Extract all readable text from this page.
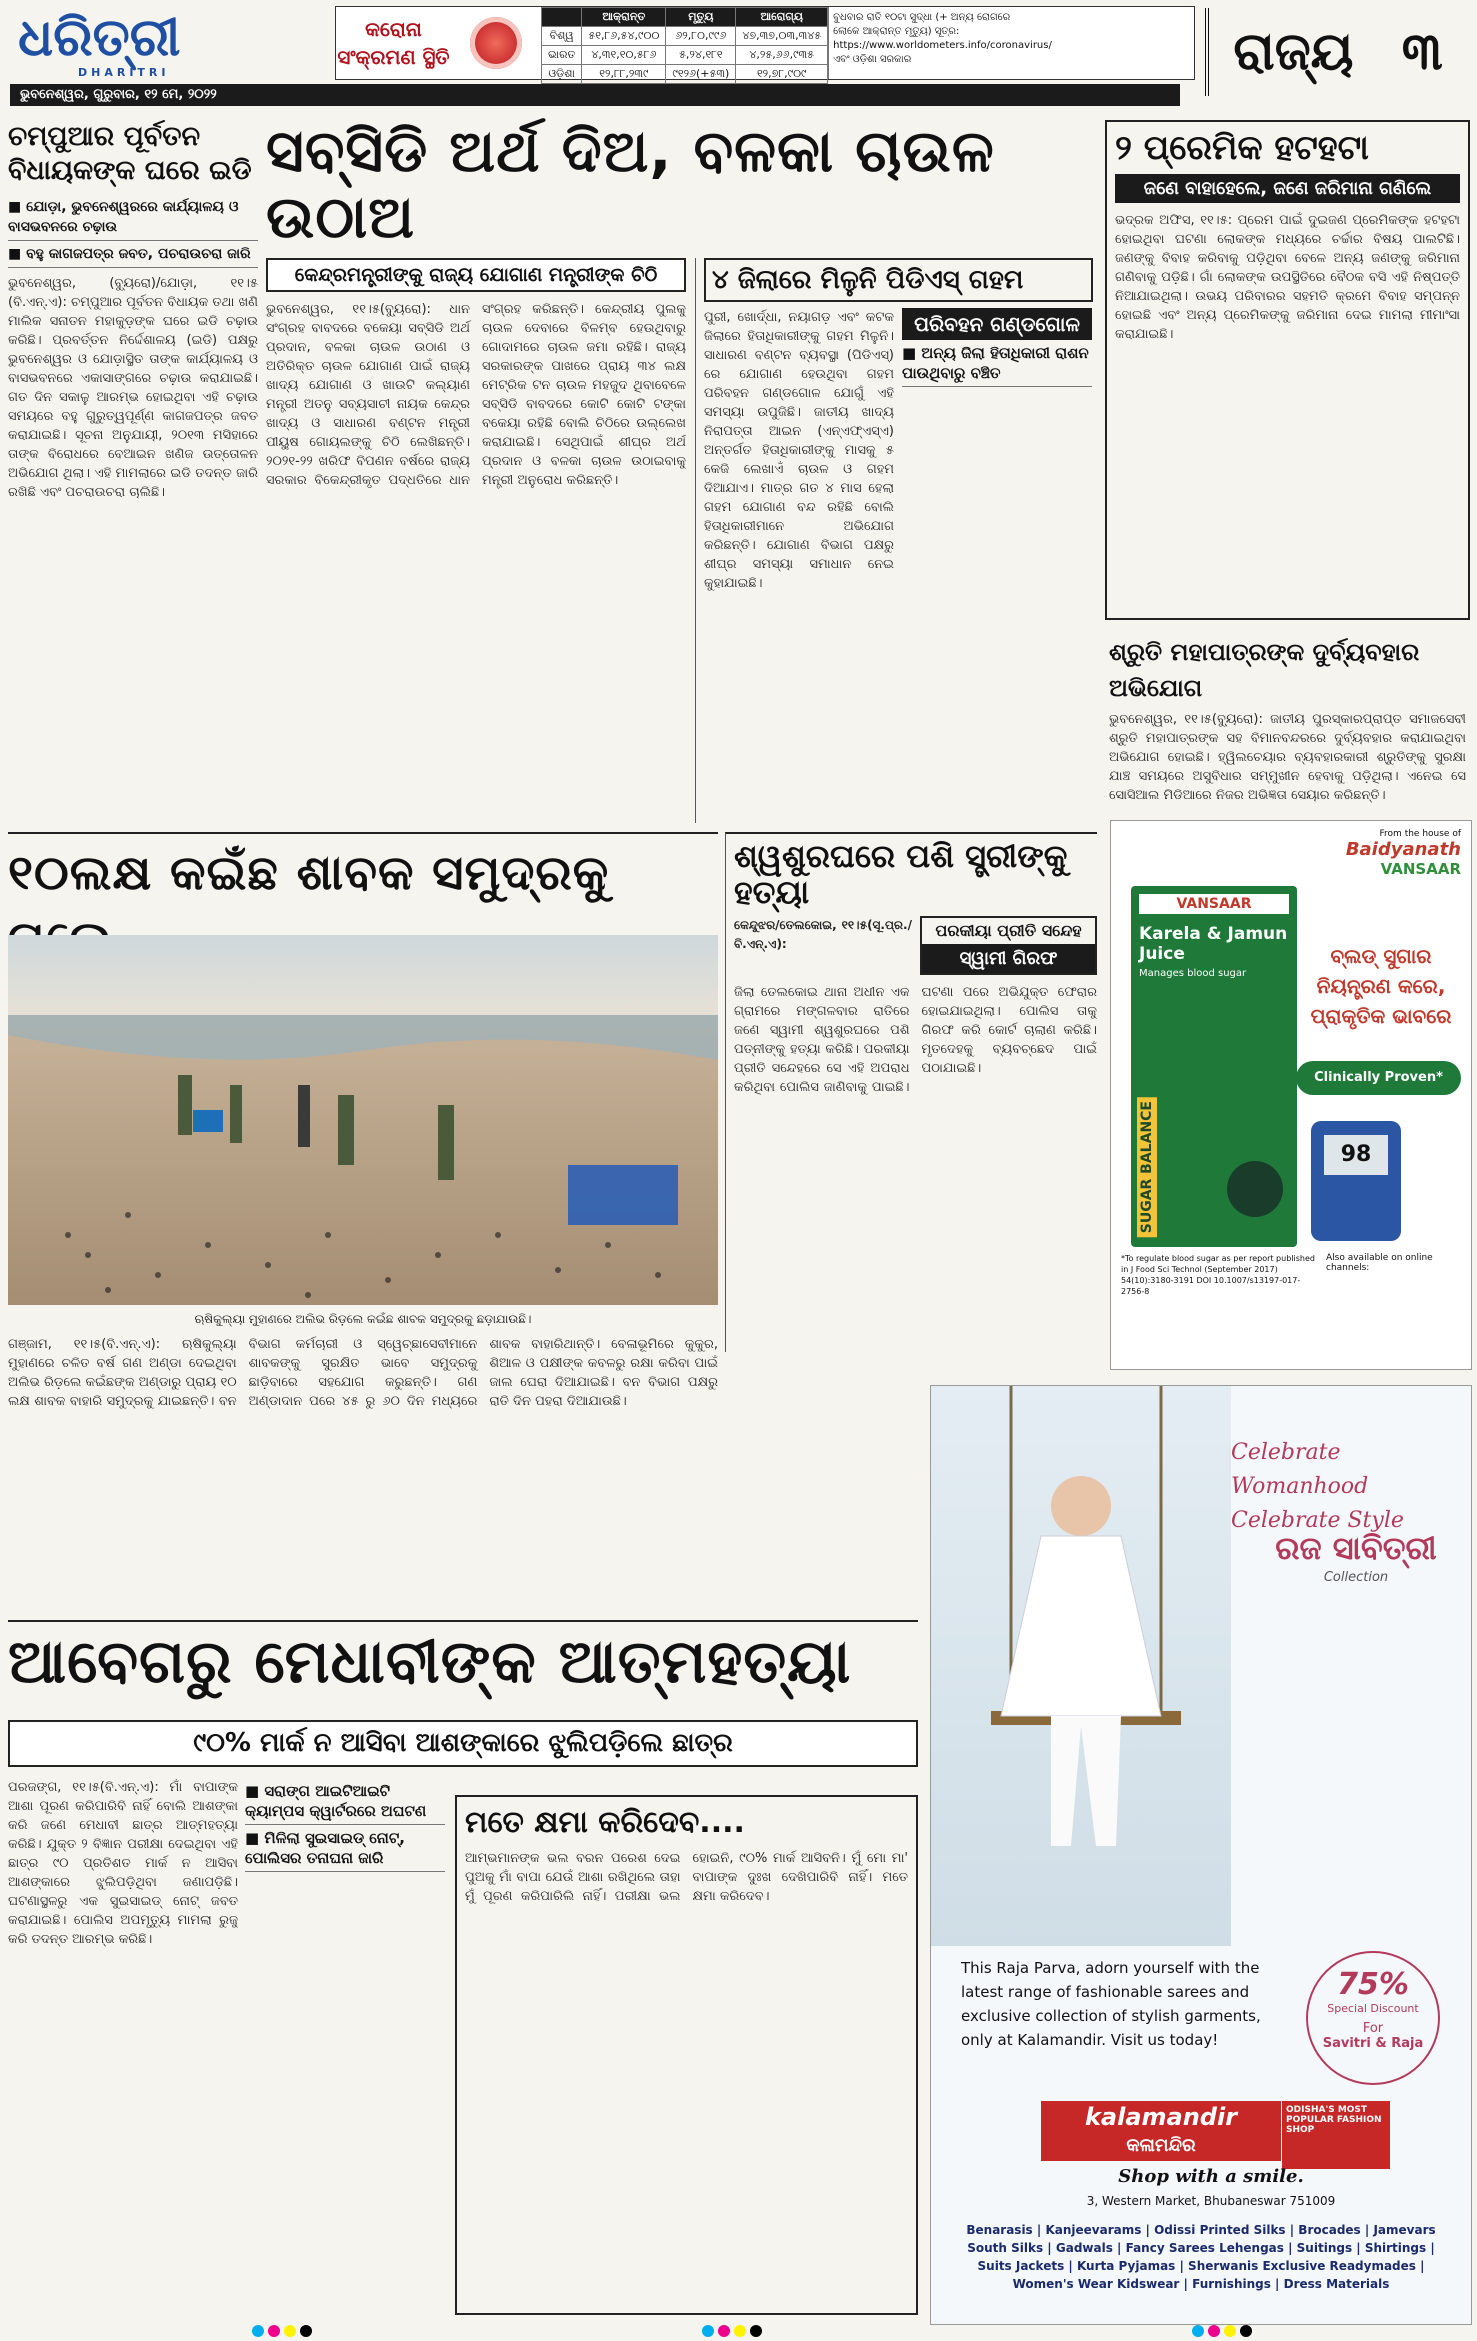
ଧରିତ୍ରୀ
DHARITRI
କରୋନା ସଂକ୍ରମଣ ସ୍ଥିତି
	ଆକ୍ରାନ୍ତ	ମୃତ୍ୟୁ	ଆରୋଗ୍ୟ
ବିଶ୍ୱ	୫୧,୮୬,୫୪,୯୦୦	୬୨,୮୦,୯୯୬	୪୭,୩୭,୦୩,୩୪୫
ଭାରତ	୪,୩୧,୧୦,୫୮୬	୫,୨୪,୧୮୧	୪,୨୫,୬୬,୯୩୫
ଓଡ଼ିଶା	୧୨,୮୮,୨୩୯	୯୧୨୬(+୫୩)	୧୨,୭୮,୯୦୯
ବୁଧବାର ରାତି ୧୦ଟା ସୁଦ୍ଧା (+ ଅନ୍ୟ ରୋଗରେ ଲୋକେ ଆକ୍ରାନ୍ତ ମୃତ୍ୟୁ) ସୂତ୍ର: https://www.worldometers.info/coronavirus/ ଏବଂ ଓଡ଼ିଶା ସରକାର	ରାଜ୍ୟ ୩
ଭୁବନେଶ୍ୱର, ଗୁରୁବାର, ୧୨ ମେ, ୨୦୨୨
ଚମ୍ପୁଆର ପୂର୍ବତନ ବିଧାୟକଙ୍କ ଘରେ ଇଡି
■ ଯୋଡ଼ା, ଭୁବନେଶ୍ୱରରେ କାର୍ଯ୍ୟାଳୟ ଓ ବାସଭବନରେ ଚଢ଼ାଉ
■ ବହୁ କାଗଜପତ୍ର ଜବତ, ପଚରାଉଚରା ଜାରି
ଭୁବନେଶ୍ୱର, (ବ୍ୟୁରୋ)/ଯୋଡ଼ା, ୧୧।୫ (ବି.ଏନ୍.ଏ): ଚମ୍ପୁଆର ପୂର୍ବତନ ବିଧାୟକ ତଥା ଖଣି ମାଲିକ ସନାତନ ମହାକୁଡ଼ଙ୍କ ଘରେ ଇଡି ଚଢ଼ାଉ କରିଛି। ପ୍ରବର୍ତ୍ତନ ନିର୍ଦ୍ଦେଶାଳୟ (ଇଡି) ପକ୍ଷରୁ ଭୁବନେଶ୍ୱର ଓ ଯୋଡ଼ାସ୍ଥିତ ତାଙ୍କ କାର୍ଯ୍ୟାଳୟ ଓ ବାସଭବନରେ ଏକାସାଙ୍ଗରେ ଚଢ଼ାଉ କରାଯାଇଛି। ଗତ ଦିନ ସକାଳୁ ଆରମ୍ଭ ହୋଇଥିବା ଏହି ଚଢ଼ାଉ ସମୟରେ ବହୁ ଗୁରୁତ୍ୱପୂର୍ଣ୍ଣ କାଗଜପତ୍ର ଜବତ କରାଯାଇଛି। ସୂଚନା ଅନୁଯାୟୀ, ୨୦୧୩ ମସିହାରେ ତାଙ୍କ ବିରୋଧରେ ବେଆଇନ ଖଣିଜ ଉତ୍ତୋଳନ ଅଭିଯୋଗ ଥିଲା। ଏହି ମାମଲାରେ ଇଡି ତଦନ୍ତ ଜାରି ରଖିଛି ଏବଂ ପଚରାଉଚରା ଚାଲିଛି।
ସବ୍‌ସିଡି ଅର୍ଥ ଦିଅ, ବଳକା ଚାଉଳ ଉଠାଅ
କେନ୍ଦ୍ରମନ୍ତ୍ରୀଙ୍କୁ ରାଜ୍ୟ ଯୋଗାଣ ମନ୍ତ୍ରୀଙ୍କ ଚିଠି
ଭୁବନେଶ୍ୱର, ୧୧।୫(ବ୍ୟୁରୋ): ଧାନ ସଂଗ୍ରହ ବାବଦରେ ବକେୟା ସବ୍‌ସିଡି ଅର୍ଥ ପ୍ରଦାନ, ବଳକା ଚାଉଳ ଉଠାଣ ଓ ଅତିରିକ୍ତ ଚାଉଳ ଯୋଗାଣ ପାଇଁ ରାଜ୍ୟ ଖାଦ୍ୟ ଯୋଗାଣ ଓ ଖାଉଟି କଲ୍ୟାଣ ମନ୍ତ୍ରୀ ଅତନୁ ସବ୍ୟସାଚୀ ନାୟକ କେନ୍ଦ୍ର ଖାଦ୍ୟ ଓ ସାଧାରଣ ବଣ୍ଟନ ମନ୍ତ୍ରୀ ପୀୟୁଷ ଗୋୟଲଙ୍କୁ ଚିଠି ଲେଖିଛନ୍ତି। ୨୦୨୧-୨୨ ଖରିଫ ବିପଣନ ବର୍ଷରେ ରାଜ୍ୟ ସରକାର ବିକେନ୍ଦ୍ରୀକୃତ ପଦ୍ଧତିରେ ଧାନ ସଂଗ୍ରହ କରିଛନ୍ତି। କେନ୍ଦ୍ରୀୟ ପୁଲକୁ ଚାଉଳ ଦେବାରେ ବିଳମ୍ବ ହେଉଥିବାରୁ ଗୋଦାମରେ ଚାଉଳ ଜମା ରହିଛି। ରାଜ୍ୟ ସରକାରଙ୍କ ପାଖରେ ପ୍ରାୟ ୩୪ ଲକ୍ଷ ମେଟ୍ରିକ ଟନ ଚାଉଳ ମହଜୁଦ ଥିବାବେଳେ ସବ୍‌ସିଡି ବାବଦରେ କୋଟି କୋଟି ଟଙ୍କା ବକେୟା ରହିଛି ବୋଲି ଚିଠିରେ ଉଲ୍ଲେଖ କରାଯାଇଛି। ସେଥିପାଇଁ ଶୀଘ୍ର ଅର୍ଥ ପ୍ରଦାନ ଓ ବଳକା ଚାଉଳ ଉଠାଇବାକୁ ମନ୍ତ୍ରୀ ଅନୁରୋଧ କରିଛନ୍ତି।
୪ ଜିଲାରେ ମିଳୁନି ପିଡିଏସ୍ ଗହମ
ପୁରୀ, ଖୋର୍ଦ୍ଧା, ନୟାଗଡ଼ ଏବଂ କଟକ ଜିଲାରେ ହିତାଧିକାରୀଙ୍କୁ ଗହମ ମିଳୁନି। ସାଧାରଣ ବଣ୍ଟନ ବ୍ୟବସ୍ଥା (ପିଡିଏସ୍) ରେ ଯୋଗାଣ ହେଉଥିବା ଗହମ ପରିବହନ ଗଣ୍ଡଗୋଳ ଯୋଗୁଁ ଏହି ସମସ୍ୟା ଉପୁଜିଛି। ଜାତୀୟ ଖାଦ୍ୟ ନିରାପତ୍ତା ଆଇନ (ଏନ୍‌ଏଫ୍‌ଏସ୍‌ଏ) ଅନ୍ତର୍ଗତ ହିତାଧିକାରୀଙ୍କୁ ମାସକୁ ୫ କେଜି ଲେଖାଏଁ ଚାଉଳ ଓ ଗହମ ଦିଆଯାଏ। ମାତ୍ର ଗତ ୪ ମାସ ହେଲା ଗହମ ଯୋଗାଣ ବନ୍ଦ ରହିଛି ବୋଲି ହିତାଧିକାରୀମାନେ ଅଭିଯୋଗ କରିଛନ୍ତି। ଯୋଗାଣ ବିଭାଗ ପକ୍ଷରୁ ଶୀଘ୍ର ସମସ୍ୟା ସମାଧାନ ନେଇ କୁହାଯାଇଛି।
ପରିବହନ ଗଣ୍ଡଗୋଳ
■ ଅନ୍ୟ ଜିଲା ହିତାଧିକାରୀ ରାଶନ ପାଉଥିବାରୁ ବଞ୍ଚିତ
୨ ପ୍ରେମିକ ହଟହଟା
ଜଣେ ବାହାହେଲେ, ଜଣେ ଜରିମାନା ଗଣିଲେ
ଭଦ୍ରକ ଅଫିସ, ୧୧।୫: ପ୍ରେମ ପାଇଁ ଦୁଇଜଣ ପ୍ରେମିକଙ୍କ ହଟହଟା ହୋଇଥିବା ଘଟଣା ଲୋକଙ୍କ ମଧ୍ୟରେ ଚର୍ଚ୍ଚାର ବିଷୟ ପାଲଟିଛି। ଜଣଙ୍କୁ ବିବାହ କରିବାକୁ ପଡ଼ିଥିବା ବେଳେ ଅନ୍ୟ ଜଣଙ୍କୁ ଜରିମାନା ଗଣିବାକୁ ପଡ଼ିଛି। ଗାଁ ଲୋକଙ୍କ ଉପସ୍ଥିତିରେ ବୈଠକ ବସି ଏହି ନିଷ୍ପତ୍ତି ନିଆଯାଇଥିଲା। ଉଭୟ ପରିବାରର ସହମତି କ୍ରମେ ବିବାହ ସମ୍ପନ୍ନ ହୋଇଛି ଏବଂ ଅନ୍ୟ ପ୍ରେମିକଙ୍କୁ ଜରିମାନା ଦେଇ ମାମଲା ମୀମାଂସା କରାଯାଇଛି।
ଶ୍ରୁତି ମହାପାତ୍ରଙ୍କ ଦୁର୍ବ୍ୟବହାର ଅଭିଯୋଗ
ଭୁବନେଶ୍ୱର, ୧୧।୫(ବ୍ୟୁରୋ): ଜାତୀୟ ପୁରସ୍କାରପ୍ରାପ୍ତ ସମାଜସେବୀ ଶ୍ରୁତି ମହାପାତ୍ରଙ୍କ ସହ ବିମାନବନ୍ଦରରେ ଦୁର୍ବ୍ୟବହାର କରାଯାଇଥିବା ଅଭିଯୋଗ ହୋଇଛି। ହ୍ୱିଲଚେୟାର ବ୍ୟବହାରକାରୀ ଶ୍ରୁତିଙ୍କୁ ସୁରକ୍ଷା ଯାଞ୍ଚ ସମୟରେ ଅସୁବିଧାର ସମ୍ମୁଖୀନ ହେବାକୁ ପଡ଼ିଥିଲା। ଏନେଇ ସେ ସୋସିଆଲ ମିଡିଆରେ ନିଜର ଅଭିଜ୍ଞତା ସେୟାର କରିଛନ୍ତି।
୧୦ଲକ୍ଷ କଇଁଛ ଶାବକ ସମୁଦ୍ରକୁ	ଶ୍ୱଶୁରଘରେ ପଶି ସ୍ତ୍ରୀଙ୍କୁ ହତ୍ୟା
କେନ୍ଦୁଝର/ତେଲକୋଇ, ୧୧।୫(ସୂ.ପ୍ର./ବି.ଏନ୍.ଏ):
ପରକୀୟା ପ୍ରୀତି ସନ୍ଦେହ
ସ୍ୱାମୀ ଗିରଫ
ଜିଲା ତେଲକୋଇ ଥାନା ଅଧୀନ ଏକ ଗ୍ରାମରେ ମଙ୍ଗଳବାର ରାତିରେ ଜଣେ ସ୍ୱାମୀ ଶ୍ୱଶୁରଘରେ ପଶି ପତ୍ନୀଙ୍କୁ ହତ୍ୟା କରିଛି। ପରକୀୟା ପ୍ରୀତି ସନ୍ଦେହରେ ସେ ଏହି ଅପରାଧ କରିଥିବା ପୋଲିସ ଜାଣିବାକୁ ପାଇଛି। ଘଟଣା ପରେ ଅଭିଯୁକ୍ତ ଫେରାର ହୋଇଯାଇଥିଲା। ପୋଲିସ ତାକୁ ଗିରଫ କରି କୋର୍ଟ ଚାଲାଣ କରିଛି। ମୃତଦେହକୁ ବ୍ୟବଚ୍ଛେଦ ପାଇଁ ପଠାଯାଇଛି।
ଋଷିକୁଲ୍ୟା ମୁହାଣରେ ଅଲିଭ ରିଡ଼ଲେ କଇଁଛ ଶାବକ ସମୁଦ୍ରକୁ ଛଡ଼ାଯାଉଛି।
ଗଞ୍ଜାମ, ୧୧।୫(ବି.ଏନ୍.ଏ): ଋଷିକୁଲ୍ୟା ମୁହାଣରେ ଚଳିତ ବର୍ଷ ଗଣ ଅଣ୍ଡା ଦେଇଥିବା ଅଲିଭ ରିଡ଼ଲେ କଇଁଛଙ୍କ ଅଣ୍ଡାରୁ ପ୍ରାୟ ୧୦ ଲକ୍ଷ ଶାବକ ବାହାରି ସମୁଦ୍ରକୁ ଯାଇଛନ୍ତି। ବନ ବିଭାଗ କର୍ମଚାରୀ ଓ ସ୍ୱେଚ୍ଛାସେବୀମାନେ ଶାବକଙ୍କୁ ସୁରକ୍ଷିତ ଭାବେ ସମୁଦ୍ରକୁ ଛାଡ଼ିବାରେ ସହଯୋଗ କରୁଛନ୍ତି। ଗଣ ଅଣ୍ଡାଦାନ ପରେ ୪୫ ରୁ ୬୦ ଦିନ ମଧ୍ୟରେ ଶାବକ ବାହାରିଥାନ୍ତି। ବେଳାଭୂମିରେ କୁକୁର, ଶିଆଳ ଓ ପକ୍ଷୀଙ୍କ କବଳରୁ ରକ୍ଷା କରିବା ପାଇଁ ଜାଲ ଘେରା ଦିଆଯାଇଛି। ବନ ବିଭାଗ ପକ୍ଷରୁ ରାତି ଦିନ ପହରା ଦିଆଯାଉଛି।
From the house of
Baidyanath
VANSAAR
VANSAAR
Karela & Jamun Juice
Manages blood sugar
SUGAR BALANCE
ବ୍ଲଡ୍ ସୁଗାର ନିୟନ୍ତ୍ରଣ କରେ, ପ୍ରାକୃତିକ ଭାବରେ
Clinically Proven*
98
*To regulate blood sugar as per report published in J Food Sci Technol (September 2017) 54(10):3180-3191 DOI 10.1007/s13197-017-2756-8
Also available on online channels:
ଆବେଗରୁ ମେଧାବୀଙ୍କ ଆତ୍ମହତ୍ୟା
୯୦% ମାର୍କ ନ ଆସିବା ଆଶଙ୍କାରେ ଝୁଲିପଡ଼ିଲେ ଛାତ୍ର
ପରଜଙ୍ଗ, ୧୧।୫(ବି.ଏନ୍.ଏ): ମାଁ ବାପାଙ୍କ ଆଶା ପୂରଣ କରିପାରିବି ନାହିଁ ବୋଲି ଆଶଙ୍କା କରି ଜଣେ ମେଧାବୀ ଛାତ୍ର ଆତ୍ମହତ୍ୟା କରିଛି। ଯୁକ୍ତ ୨ ବିଜ୍ଞାନ ପରୀକ୍ଷା ଦେଇଥିବା ଏହି ଛାତ୍ର ୯୦ ପ୍ରତିଶତ ମାର୍କ ନ ଆସିବା ଆଶଙ୍କାରେ ଝୁଲିପଡ଼ିଥିବା ଜଣାପଡ଼ିଛି। ଘଟଣାସ୍ଥଳରୁ ଏକ ସୁଇସାଇଡ୍ ନୋଟ୍ ଜବତ କରାଯାଇଛି। ପୋଲିସ ଅପମୃତ୍ୟୁ ମାମଲା ରୁଜୁ କରି ତଦନ୍ତ ଆରମ୍ଭ କରିଛି।
■ ସରାଙ୍ଗ ଆଇଟିଆଇଟି କ୍ୟାମ୍ପସ କ୍ୱାର୍ଟରରେ ଅଘଟଣ
■ ମିଳିଲା ସୁଇସାଇଡ୍ ନୋଟ୍, ପୋଲିସର ତନାଘନା ଜାରି
ମତେ କ୍ଷମା କରିଦେବ....
ଆମ୍ଭମାନଙ୍କ ଭଲ ବରନ ପରେଶ ଦେଇ ପୁଅକୁ ମାଁ ବାପା ଯେଉଁ ଆଶା ରଖିଥିଲେ ତାହା ମୁଁ ପୂରଣ କରିପାରିଲି ନାହିଁ। ପରୀକ୍ଷା ଭଲ ହୋଇନି, ୯୦% ମାର୍କ ଆସିବନି। ମୁଁ ମୋ ମା' ବାପାଙ୍କ ଦୁଃଖ ଦେଖିପାରିବି ନାହିଁ। ମତେ କ୍ଷମା କରିଦେବ।
Celebrate Womanhood
Celebrate Style
ରଜ ସାବିତ୍ରୀ
Collection
This Raja Parva, adorn yourself with the latest range of fashionable sarees and exclusive collection of stylish garments, only at Kalamandir. Visit us today!
75%
Special Discount
For
Savitri & Raja
kalamandir
କଳାମନ୍ଦିର
ODISHA'S MOST POPULAR FASHION SHOP
Shop with a smile.
3, Western Market, Bhubaneswar 751009
Benarasis | Kanjeevarams | Odissi Printed Silks | Brocades | Jamevars South Silks | Gadwals | Fancy Sarees Lehengas | Suitings | Shirtings | Suits Jackets | Kurta Pyjamas | Sherwanis Exclusive Readymades | Women's Wear Kidswear | Furnishings | Dress Materials
